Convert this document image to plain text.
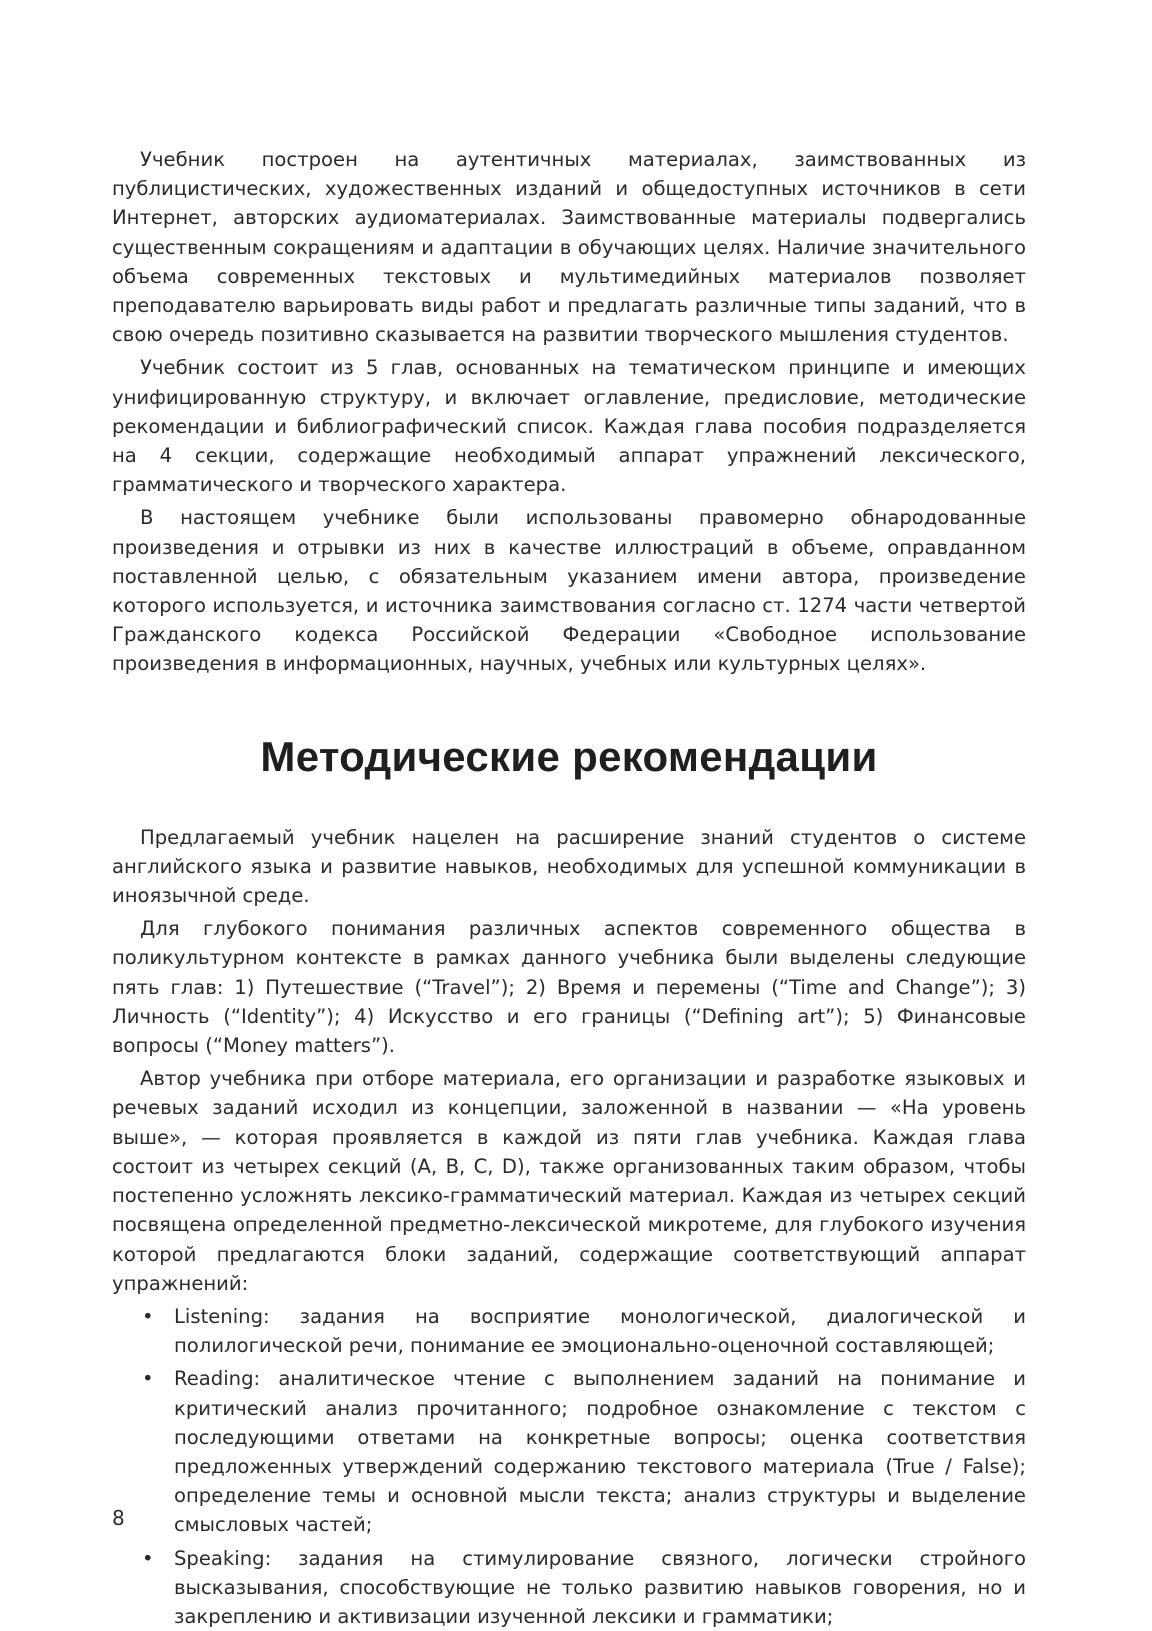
Учебник построен на аутентичных материалах, заимствованных из публицистических, художественных изданий и общедоступных источников в сети Интернет, авторских аудиоматериалах. Заимствованные материалы подвергались существенным сокращениям и адаптации в обучающих целях. Наличие значительного объема современных текстовых и мультимедийных материалов позволяет преподавателю варьировать виды работ и предлагать различные типы заданий, что в свою очередь позитивно сказывается на развитии творческого мышления студентов.

Учебник состоит из 5 глав, основанных на тематическом принципе и имеющих унифицированную структуру, и включает оглавление, предисловие, методические рекомендации и библиографический список. Каждая глава пособия подразделяется на 4 секции, содержащие необходимый аппарат упражнений лексического, грамматического и творческого характера.

В настоящем учебнике были использованы правомерно обнародованные произведения и отрывки из них в качестве иллюстраций в объеме, оправданном поставленной целью, с обязательным указанием имени автора, произведение которого используется, и источника заимствования согласно ст. 1274 части четвертой Гражданского кодекса Российской Федерации «Свободное использование произведения в информационных, научных, учебных или культурных целях».

Методические рекомендации

Предлагаемый учебник нацелен на расширение знаний студентов о системе английского языка и развитие навыков, необходимых для успешной коммуникации в иноязычной среде.

Для глубокого понимания различных аспектов современного общества в поликультурном контексте в рамках данного учебника были выделены следующие пять глав: 1) Путешествие (“Travel”); 2) Время и перемены (“Time and Change”); 3) Личность (“Identity”); 4) Искусство и его границы (“Defining art”); 5) Финансовые вопросы (“Money matters”).

Автор учебника при отборе материала, его организации и разработке языковых и речевых заданий исходил из концепции, заложенной в названии — «На уровень выше», — которая проявляется в каждой из пяти глав учебника. Каждая глава состоит из четырех секций (A, B, C, D), также организованных таким образом, чтобы постепенно усложнять лексико-грамматический материал. Каждая из четырех секций посвящена определенной предметно-лексической микротеме, для глубокого изучения которой предлагаются блоки заданий, содержащие соответствующий аппарат упражнений:

• Listening: задания на восприятие монологической, диалогической и полилогической речи, понимание ее эмоционально-оценочной составляющей;
• Reading: аналитическое чтение с выполнением заданий на понимание и критический анализ прочитанного; подробное ознакомление с текстом с последующими ответами на конкретные вопросы; оценка соответствия предложенных утверждений содержанию текстового материала (True / False); определение темы и основной мысли текста; анализ структуры и выделение смысловых частей;
• Speaking: задания на стимулирование связного, логически стройного высказывания, способствующие не только развитию навыков говорения, но и закреплению и активизации изученной лексики и грамматики;
8
